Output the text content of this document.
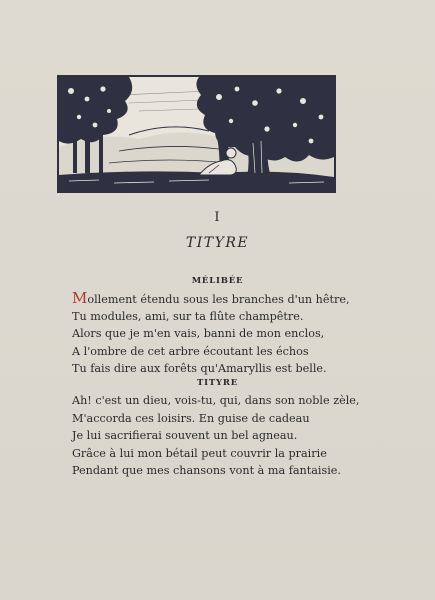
I
TITYRE
MÉLIBÉE
Mollement étendu sous les branches d'un hêtre,
Tu modules, ami, sur ta flûte champêtre.
Alors que je m'en vais, banni de mon enclos,
A l'ombre de cet arbre écoutant les échos
Tu fais dire aux forêts qu'Amaryllis est belle.
TITYRE
Ah! c'est un dieu, vois-tu, qui, dans son noble zèle,
M'accorda ces loisirs. En guise de cadeau
Je lui sacrifierai souvent un bel agneau.
Grâce à lui mon bétail peut couvrir la prairie
Pendant que mes chansons vont à ma fantaisie.
